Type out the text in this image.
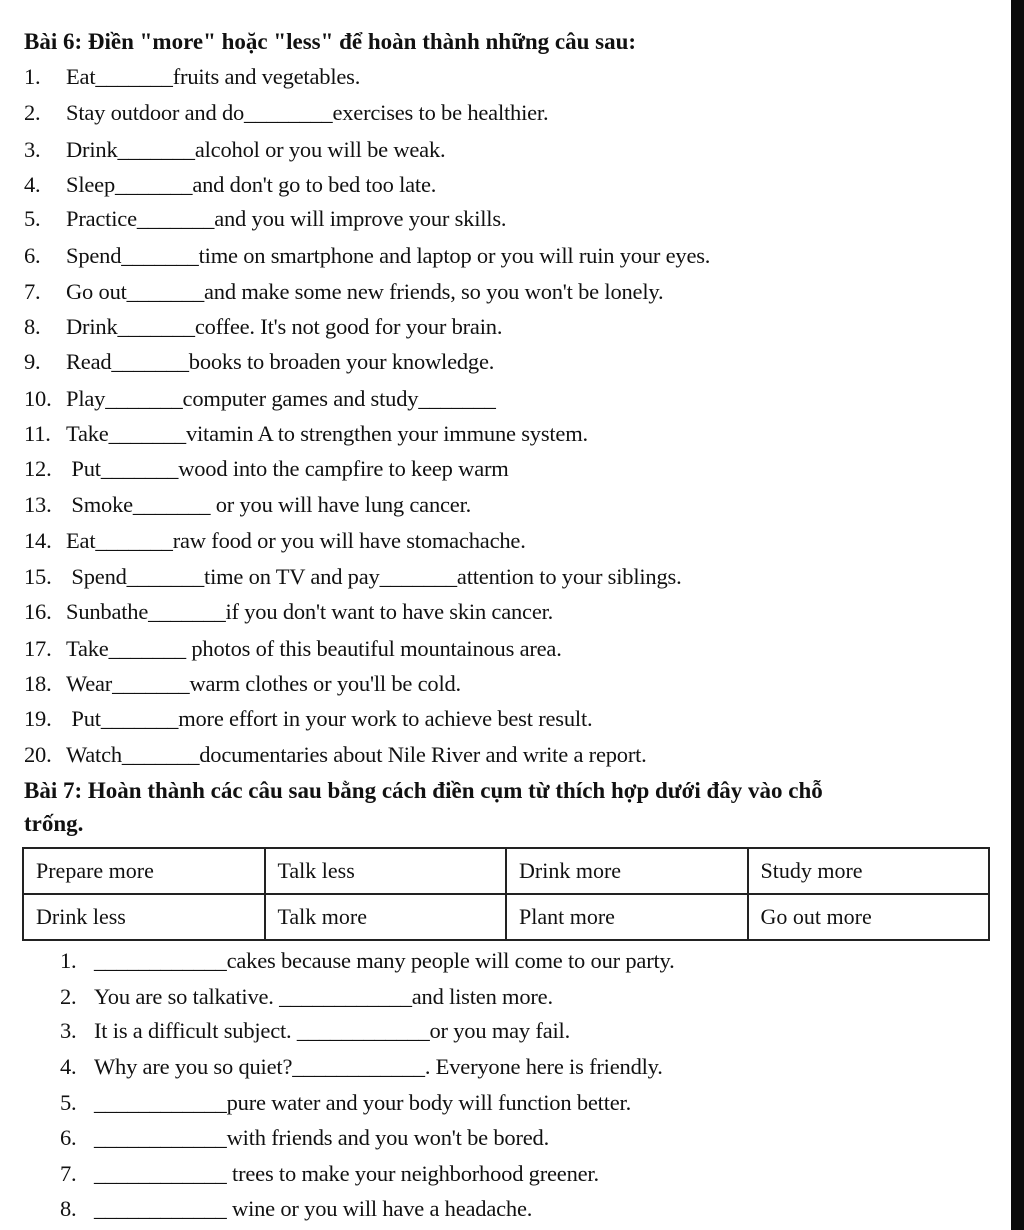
Bài 6: Điền "more" hoặc "less" để hoàn thành những câu sau:
1. Eat_______fruits and vegetables.
2. Stay outdoor and do________exercises to be healthier.
3. Drink_______alcohol or you will be weak.
4. Sleep_______and don't go to bed too late.
5. Practice_______and you will improve your skills.
6. Spend_______time on smartphone and laptop or you will ruin your eyes.
7. Go out_______and make some new friends, so you won't be lonely.
8. Drink_______coffee. It's not good for your brain.
9. Read_______books to broaden your knowledge.
10. Play_______computer games and study_______
11. Take_______vitamin A to strengthen your immune system.
12. Put_______wood into the campfire to keep warm
13. Smoke_______ or you will have lung cancer.
14. Eat_______raw food or you will have stomachache.
15. Spend_______time on TV and pay_______attention to your siblings.
16. Sunbathe_______if you don't want to have skin cancer.
17. Take_______ photos of this beautiful mountainous area.
18. Wear_______warm clothes or you'll be cold.
19. Put_______more effort in your work to achieve best result.
20. Watch_______documentaries about Nile River and write a report.
Bài 7: Hoàn thành các câu sau bằng cách điền cụm từ thích hợp dưới đây vào chỗ
trống.
Prepare more	Talk less	Drink more	Study more
Drink less	Talk more	Plant more	Go out more
1. ____________cakes because many people will come to our party.
2. You are so talkative. ____________and listen more.
3. It is a difficult subject. ____________or you may fail.
4. Why are you so quiet?____________. Everyone here is friendly.
5. ____________pure water and your body will function better.
6. ____________with friends and you won't be bored.
7. ____________ trees to make your neighborhood greener.
8. ____________ wine or you will have a headache.
